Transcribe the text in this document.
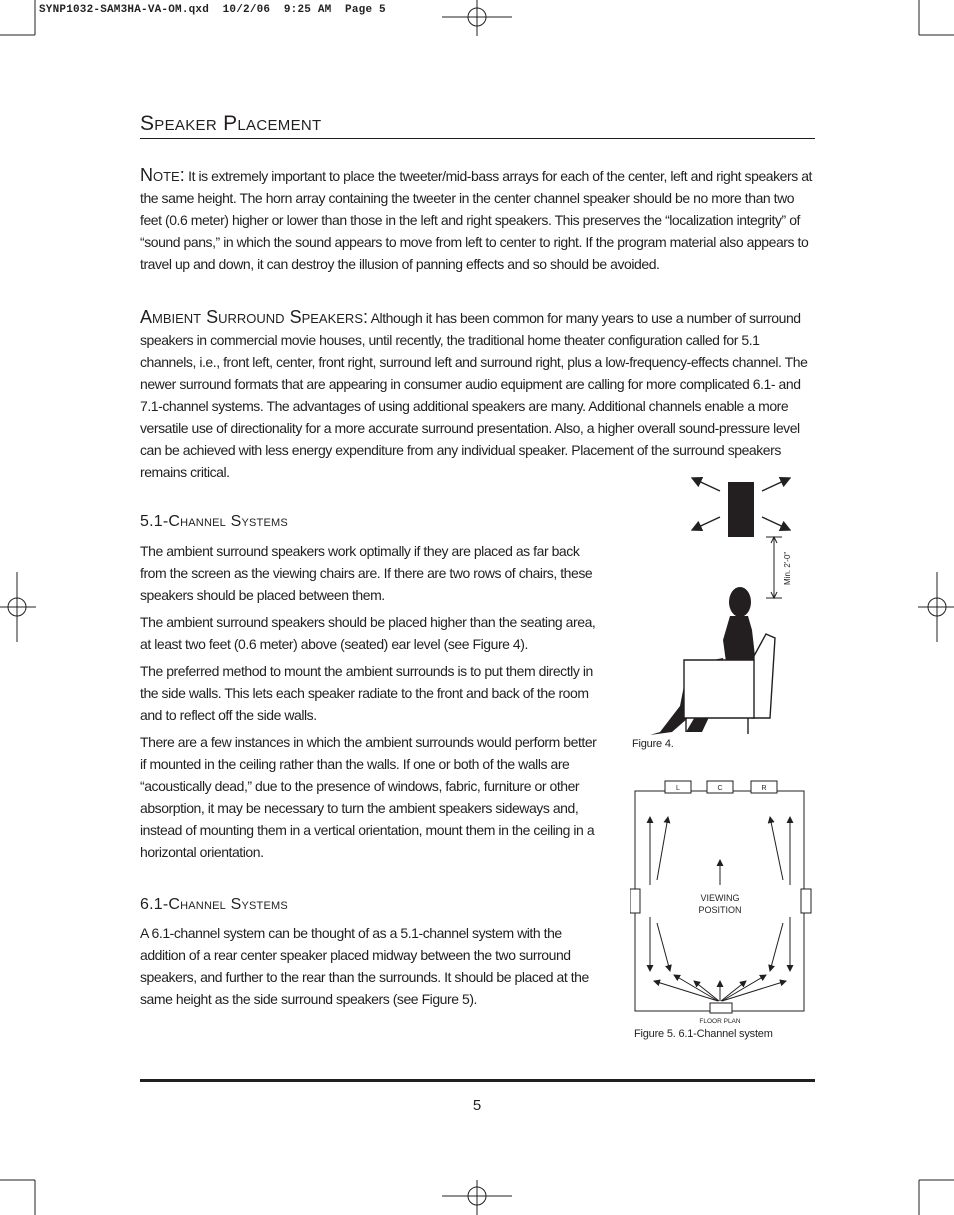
SYNP1032-SAM3HA-VA-OM.qxd  10/2/06  9:25 AM  Page 5
Speaker Placement

Note: It is extremely important to place the tweeter/mid-bass arrays for each of the center, left and right speakers at the same height. The horn array containing the tweeter in the center channel speaker should be no more than two feet (0.6 meter) higher or lower than those in the left and right speakers. This preserves the “localization integrity” of “sound pans,” in which the sound appears to move from left to center to right. If the program material also appears to travel up and down, it can destroy the illusion of panning effects and so should be avoided.

Ambient Surround Speakers: Although it has been common for many years to use a number of surround speakers in commercial movie houses, until recently, the traditional home theater configuration called for 5.1 channels, i.e., front left, center, front right, surround left and surround right, plus a low-frequency-effects channel. The newer surround formats that are appearing in consumer audio equipment are calling for more complicated 6.1- and 7.1-channel systems. The advantages of using additional speakers are many. Additional channels enable a more versatile use of directionality for a more accurate surround presentation. Also, a higher overall sound-pressure level can be achieved with less energy expenditure from any individual speaker. Placement of the surround speakers remains critical.

5.1-Channel Systems

The ambient surround speakers work optimally if they are placed as far back from the screen as the viewing chairs are. If there are two rows of chairs, these speakers should be placed between them.

The ambient surround speakers should be placed higher than the seating area, at least two feet (0.6 meter) above (seated) ear level (see Figure 4).

The preferred method to mount the ambient surrounds is to put them directly in the side walls. This lets each speaker radiate to the front and back of the room and to reflect off the side walls.

There are a few instances in which the ambient surrounds would perform better if mounted in the ceiling rather than the walls. If one or both of the walls are “acoustically dead,” due to the presence of windows, fabric, furniture or other absorption, it may be necessary to turn the ambient speakers sideways and, instead of mounting them in a vertical orientation, mount them in the ceiling in a horizontal orientation.

6.1-Channel Systems

A 6.1-channel system can be thought of as a 5.1-channel system with the addition of a rear center speaker placed midway between the two surround speakers, and further to the rear than the surrounds. It should be placed at the same height as the side surround speakers (see Figure 5).

Min. 2'-0"
Figure 4.
L	C	R
VIEWING
POSITION
FLOOR PLAN
Figure 5. 6.1-Channel system
5
